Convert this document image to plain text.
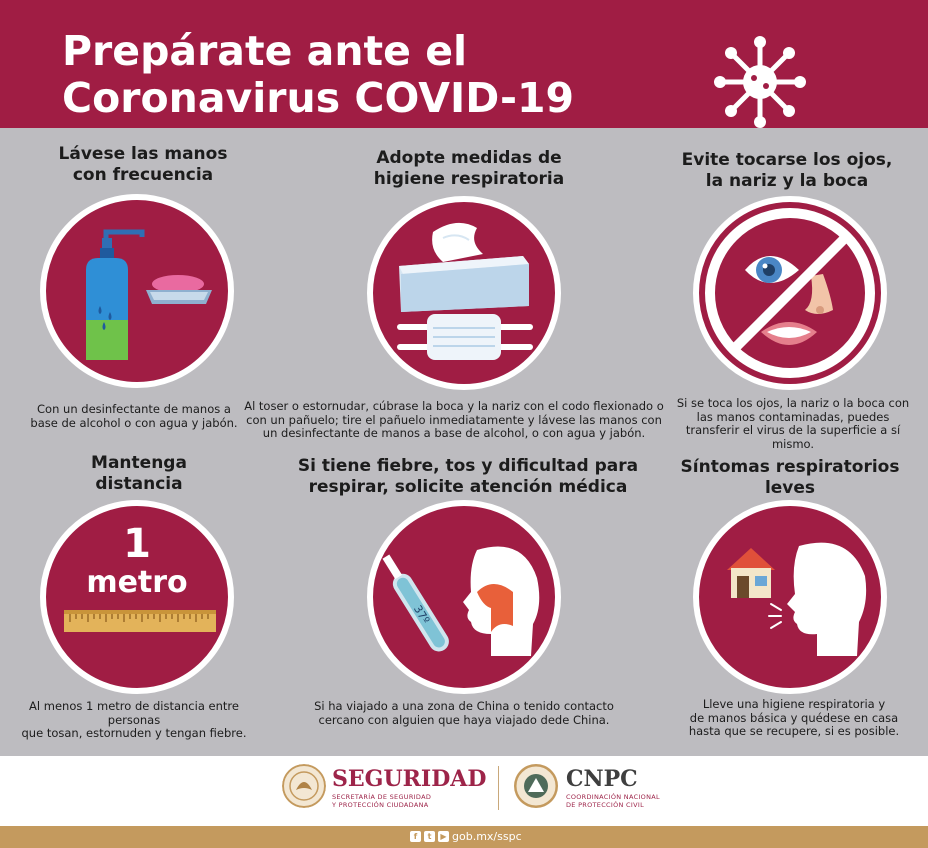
Prepárate ante el
Coronavirus COVID-19
Lávese las manos
con frecuencia
Con un desinfectante de manos a
base de alcohol o con agua y jabón.
Adopte medidas de
higiene respiratoria
Al toser o estornudar, cúbrase la boca y la nariz con el codo flexionado o
con un pañuelo; tire el pañuelo inmediatamente y lávese las manos con
un desinfectante de manos a base de alcohol, o con agua y jabón.
Evite tocarse los ojos,
la nariz y la boca
Si se toca los ojos, la nariz o la boca con
las manos contaminadas, puedes
transferir el virus de la superficie a sí
mismo.
Mantenga
distancia
1
metro
Al menos 1 metro de distancia entre personas
que tosan, estornuden y tengan fiebre.
Si tiene fiebre, tos y dificultad para
respirar, solicite atención médica
37º
Si ha viajado a una zona de China o tenido contacto
cercano con alguien que haya viajado dede China.
Síntomas respiratorios
leves
Lleve una higiene respiratoria y
de manos básica y quédese en casa
hasta que se recupere, si es posible.
SEGURIDAD
SECRETARÍA DE SEGURIDAD
Y PROTECCIÓN CIUDADANA
CNPC
COORDINACIÓN NACIONAL
DE PROTECCIÓN CIVIL
f	t	▶ gob.mx/sspc
